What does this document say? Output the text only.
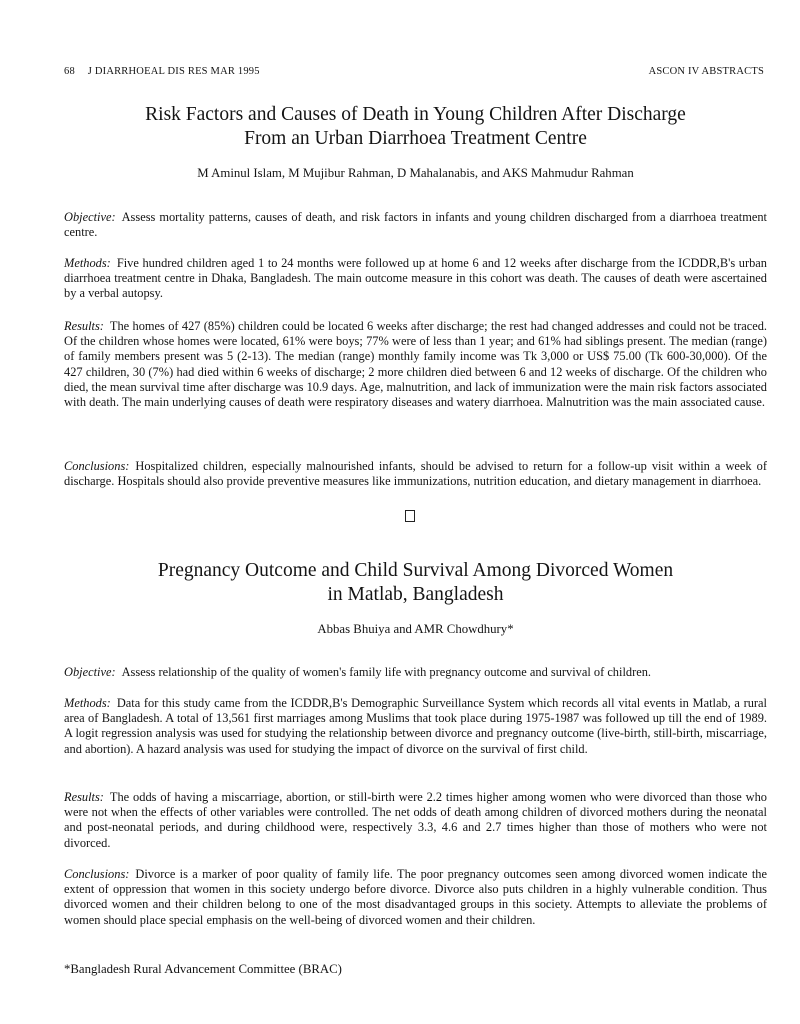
68 J DIARRHOEAL DIS RES MAR 1995	ASCON IV ABSTRACTS
Risk Factors and Causes of Death in Young Children After Discharge
From an Urban Diarrhoea Treatment Centre

M Aminul Islam, M Mujibur Rahman, D Mahalanabis, and AKS Mahmudur Rahman

Objective: Assess mortality patterns, causes of death, and risk factors in infants and young children discharged from a diarrhoea treatment centre.

Methods: Five hundred children aged 1 to 24 months were followed up at home 6 and 12 weeks after discharge from the ICDDR,B's urban diarrhoea treatment centre in Dhaka, Bangladesh. The main outcome measure in this cohort was death. The causes of death were ascertained by a verbal autopsy.

Results: The homes of 427 (85%) children could be located 6 weeks after discharge; the rest had changed addresses and could not be traced. Of the children whose homes were located, 61% were boys; 77% were of less than 1 year; and 61% had siblings present. The median (range) of family members present was 5 (2-13). The median (range) monthly family income was Tk 3,000 or US$ 75.00 (Tk 600-30,000). Of the 427 children, 30 (7%) had died within 6 weeks of discharge; 2 more children died between 6 and 12 weeks of discharge. Of the children who died, the mean survival time after discharge was 10.9 days. Age, malnutrition, and lack of immunization were the main risk factors associated with death. The main underlying causes of death were respiratory diseases and watery diarrhoea. Malnutrition was the main associated cause.

Conclusions: Hospitalized children, especially malnourished infants, should be advised to return for a follow-up visit within a week of discharge. Hospitals should also provide preventive measures like immunizations, nutrition education, and dietary management in diarrhoea.

Pregnancy Outcome and Child Survival Among Divorced Women
in Matlab, Bangladesh

Abbas Bhuiya and AMR Chowdhury*

Objective: Assess relationship of the quality of women's family life with pregnancy outcome and survival of children.

Methods: Data for this study came from the ICDDR,B's Demographic Surveillance System which records all vital events in Matlab, a rural area of Bangladesh. A total of 13,561 first marriages among Muslims that took place during 1975-1987 was followed up till the end of 1989. A logit regression analysis was used for studying the relationship between divorce and pregnancy outcome (live-birth, still-birth, miscarriage, and abortion). A hazard analysis was used for studying the impact of divorce on the survival of first child.

Results: The odds of having a miscarriage, abortion, or still-birth were 2.2 times higher among women who were divorced than those who were not when the effects of other variables were controlled. The net odds of death among children of divorced mothers during the neonatal and post-neonatal periods, and during childhood were, respectively 3.3, 4.6 and 2.7 times higher than those of mothers who were not divorced.

Conclusions: Divorce is a marker of poor quality of family life. The poor pregnancy outcomes seen among divorced women indicate the extent of oppression that women in this society undergo before divorce. Divorce also puts children in a highly vulnerable condition. Thus divorced women and their children belong to one of the most disadvantaged groups in this society. Attempts to alleviate the problems of women should place special emphasis on the well-being of divorced women and their children.

*Bangladesh Rural Advancement Committee (BRAC)
